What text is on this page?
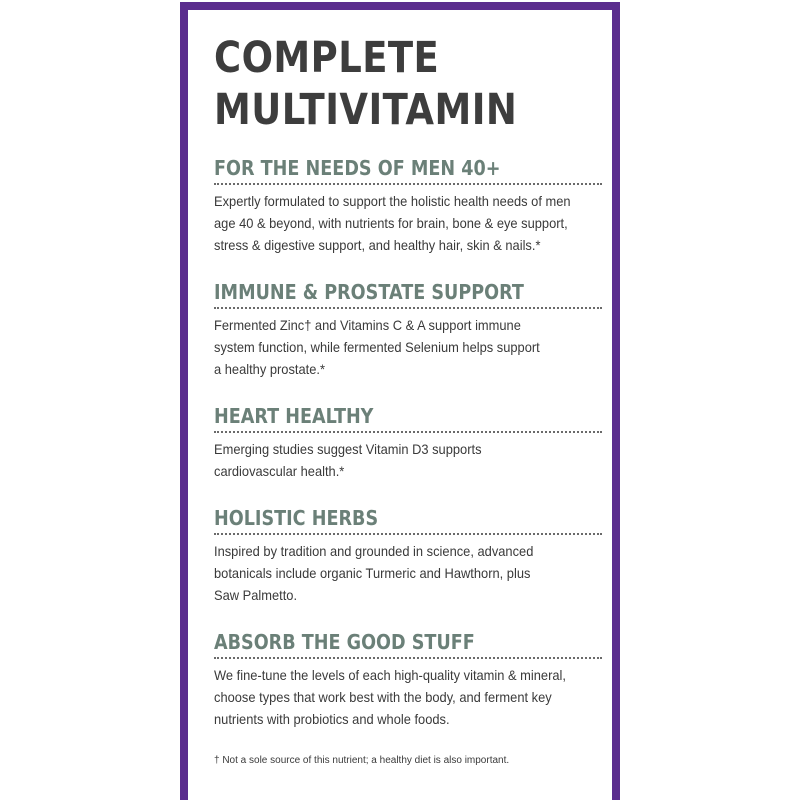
COMPLETE
MULTIVITAMIN
FOR THE NEEDS OF MEN 40+

Expertly formulated to support the holistic health needs of men
age 40 & beyond, with nutrients for brain, bone & eye support,
stress & digestive support, and healthy hair, skin & nails.*

IMMUNE & PROSTATE SUPPORT

Fermented Zinc† and Vitamins C & A support immune
system function, while fermented Selenium helps support
a healthy prostate.*

HEART HEALTHY

Emerging studies suggest Vitamin D3 supports
cardiovascular health.*

HOLISTIC HERBS

Inspired by tradition and grounded in science, advanced
botanicals include organic Turmeric and Hawthorn, plus
Saw Palmetto.

ABSORB THE GOOD STUFF

We fine-tune the levels of each high-quality vitamin & mineral,
choose types that work best with the body, and ferment key
nutrients with probiotics and whole foods.

† Not a sole source of this nutrient; a healthy diet is also important.
